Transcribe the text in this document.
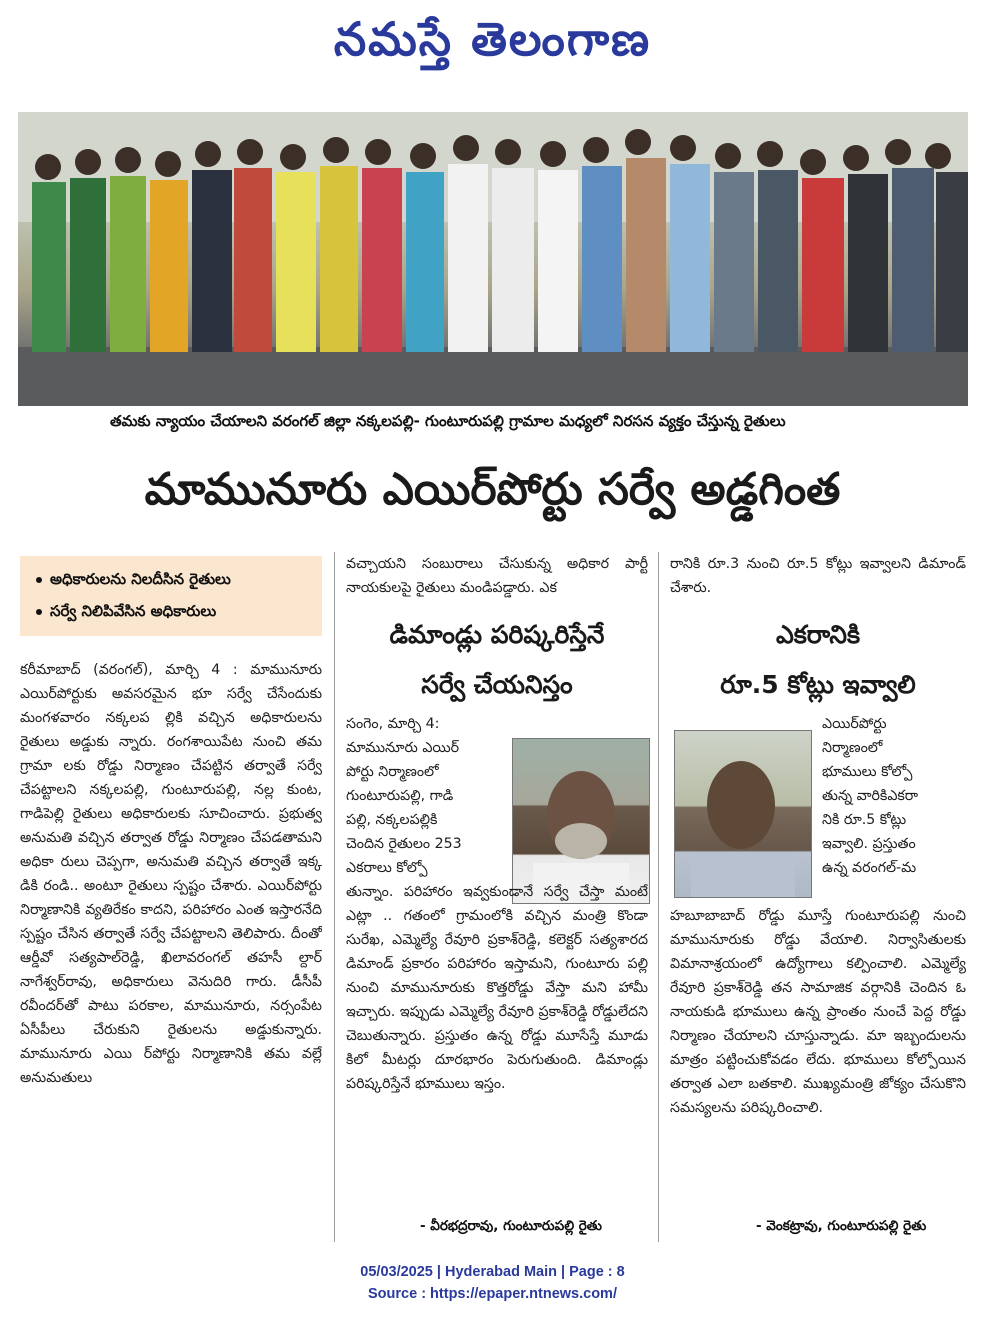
నమస్తే తెలంగాణ
తమకు న్యాయం చేయాలని వరంగల్ జిల్లా నక్కలపల్లి- గుంటూరుపల్లి గ్రామాల మధ్యలో నిరసన వ్యక్తం చేస్తున్న రైతులు
మామునూరు ఎయిర్‌పోర్టు సర్వే అడ్డగింత
అధికారులను నిలదీసిన రైతులు
సర్వే నిలిపివేసిన అధికారులు

కరీమాబాద్ (వరంగల్), మార్చి 4 : మామునూరు ఎయిర్‌పోర్టుకు అవసరమైన భూ సర్వే చేసేందుకు మంగళవారం నక్కలప ల్లికి వచ్చిన అధికారులను రైతులు అడ్డుకు న్నారు. రంగశాయిపేట నుంచి తమ గ్రామా లకు రోడ్డు నిర్మాణం చేపట్టిన తర్వాతే సర్వే చేపట్టాలని నక్కలపల్లి, గుంటూరుపల్లి, నల్ల కుంట, గాడిపెల్లి రైతులు అధికారులకు సూచించారు. ప్రభుత్వ అనుమతి వచ్చిన తర్వాత రోడ్డు నిర్మాణం చేపడతామని అధికా రులు చెప్పగా, అనుమతి వచ్చిన తర్వాతే ఇక్క డికి రండి.. అంటూ రైతులు స్పష్టం చేశారు. ఎయిర్‌పోర్టు నిర్మాణానికి వ్యతిరేకం కాదని, పరిహారం ఎంత ఇస్తారనేది స్పష్టం చేసిన తర్వాతే సర్వే చేపట్టాలని తెలిపారు. దీంతో ఆర్డీవో సత్యపాల్‌రెడ్డి, ఖిలావరంగల్ తహసీ ల్దార్ నాగేశ్వర్‌రావు, అధికారులు వెనుదిరి గారు. డీసీపీ రవీందర్‌తో పాటు పరకాల, మామునూరు, నర్సంపేట ఏసీపీలు చేరుకుని రైతులను అడ్డుకున్నారు. మామునూరు ఎయి ర్‌పోర్టు నిర్మాణానికి తమ వల్లే అనుమతులు

వచ్చాయని సంబురాలు చేసుకున్న అధికార పార్టీ నాయకులపై రైతులు మండిపడ్డారు. ఎక

రానికి రూ.3 నుంచి రూ.5 కోట్లు ఇవ్వాలని డిమాండ్ చేశారు.

డిమాండ్లు పరిష్కరిస్తేనే
సర్వే చేయనిస్తం

సంగెం, మార్చి 4:

మామునూరు ఎయిర్

పోర్టు నిర్మాణంలో

గుంటూరుపల్లి, గాడి

పల్లి, నక్కలపల్లికి

చెందిన రైతులం 253

ఎకరాలు కోల్పో

తున్నాం. పరిహారం ఇవ్వకుండానే సర్వే చేస్తా మంటే ఎట్లా .. గతంలో గ్రామంలోకి వచ్చిన మంత్రి కొండా సురేఖ, ఎమ్మెల్యే రేవూరి ప్రకాశ్‌రెడ్డి, కలెక్టర్ సత్యశారద డిమాండ్ ప్రకారం పరిహారం ఇస్తామని, గుంటూరు పల్లి నుంచి మామునూరుకు కొత్తరోడ్డు వేస్తా మని హామీ ఇచ్చారు. ఇప్పుడు ఎమ్మెల్యే రేవూరి ప్రకాశ్‌రెడ్డి రోడ్డులేదని చెబుతున్నారు. ప్రస్తుతం ఉన్న రోడ్డు మూసేస్తే మూడు కిలో మీటర్లు దూరభారం పెరుగుతుంది. డిమాండ్లు పరిష్కరిస్తేనే భూములు ఇస్తం.

- వీరభద్రరావు, గుంటూరుపల్లి రైతు
ఎకరానికి
రూ.5 కోట్లు ఇవ్వాలి

ఎయిర్‌పోర్టు

నిర్మాణంలో

భూములు కోల్పో

తున్న వారికిఎకరా

నికి రూ.5 కోట్లు

ఇవ్వాలి. ప్రస్తుతం

ఉన్న వరంగల్-మ

హబూబాబాద్ రోడ్డు మూస్తే గుంటూరుపల్లి నుంచి మామునూరుకు రోడ్డు వేయాలి. నిర్వాసితులకు విమానాశ్రయంలో ఉద్యోగాలు కల్పించాలి. ఎమ్మెల్యే రేవూరి ప్రకాశ్‌రెడ్డి తన సామాజిక వర్గానికి చెందిన ఓ నాయకుడి భూములు ఉన్న ప్రాంతం నుంచే పెద్ద రోడ్డు నిర్మాణం చేయాలని చూస్తున్నాడు. మా ఇబ్బందులను మాత్రం పట్టించుకోవడం లేదు. భూములు కోల్పోయిన తర్వాత ఎలా బతకాలి. ముఖ్యమంత్రి జోక్యం చేసుకొని సమస్యలను పరిష్కరించాలి.

- వెంకట్రావు, గుంటూరుపల్లి రైతు
05/03/2025 | Hyderabad Main | Page : 8
Source : https://epaper.ntnews.com/
